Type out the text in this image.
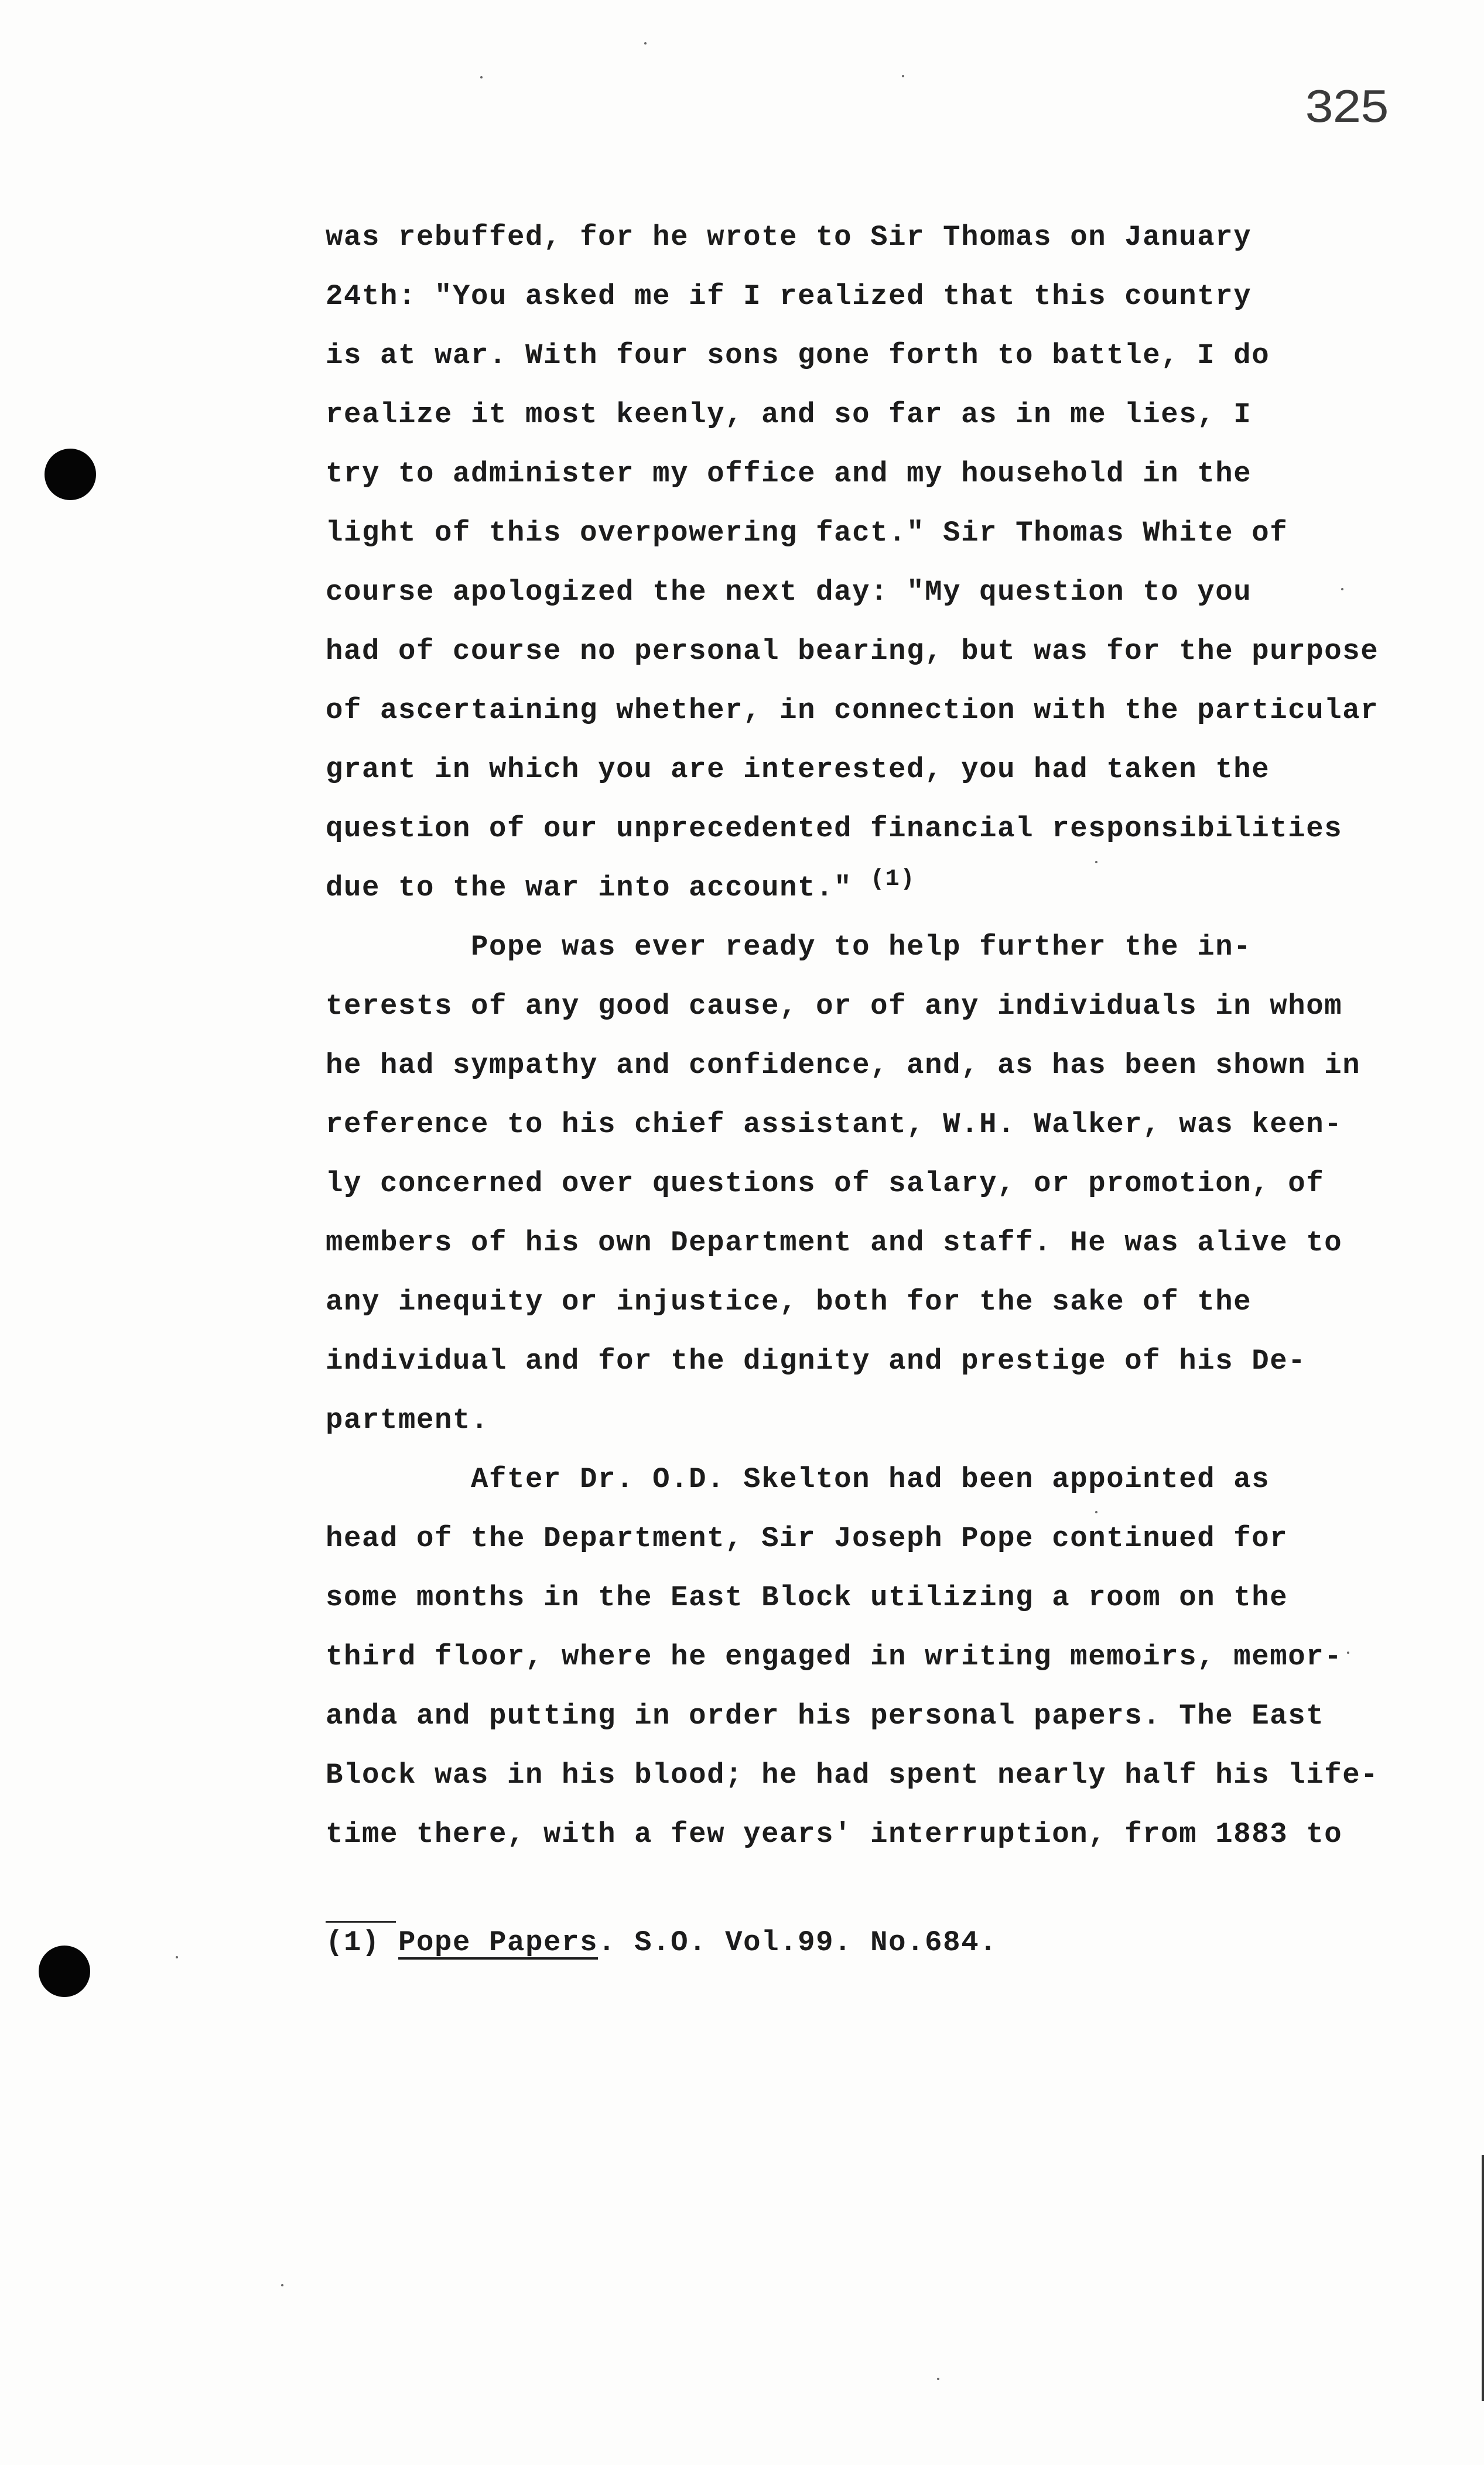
325
was rebuffed, for he wrote to Sir Thomas on January
24th: "You asked me if I realized that this country
is at war. With four sons gone forth to battle, I do
realize it most keenly, and so far as in me lies, I
try to administer my office and my household in the
light of this overpowering fact." Sir Thomas White of
course apologized the next day: "My question to you
had of course no personal bearing, but was for the purpose
of ascertaining whether, in connection with the particular
grant in which you are interested, you had taken the
question of our unprecedented financial responsibilities
due to the war into account." $^{(1)}$
Pope was ever ready to help further the in-
terests of any good cause, or of any individuals in whom
he had sympathy and confidence, and, as has been shown in
reference to his chief assistant, W.H. Walker, was keen-
ly concerned over questions of salary, or promotion, of
members of his own Department and staff. He was alive to
any inequity or injustice, both for the sake of the
individual and for the dignity and prestige of his De-
partment.
After Dr. O.D. Skelton had been appointed as
head of the Department, Sir Joseph Pope continued for
some months in the East Block utilizing a room on the
third floor, where he engaged in writing memoirs, memor-
anda and putting in order his personal papers. The East
Block was in his blood; he had spent nearly half his life-
time there, with a few years' interruption, from 1883 to
(1) Pope Papers. S.O. Vol.99. No.684.
